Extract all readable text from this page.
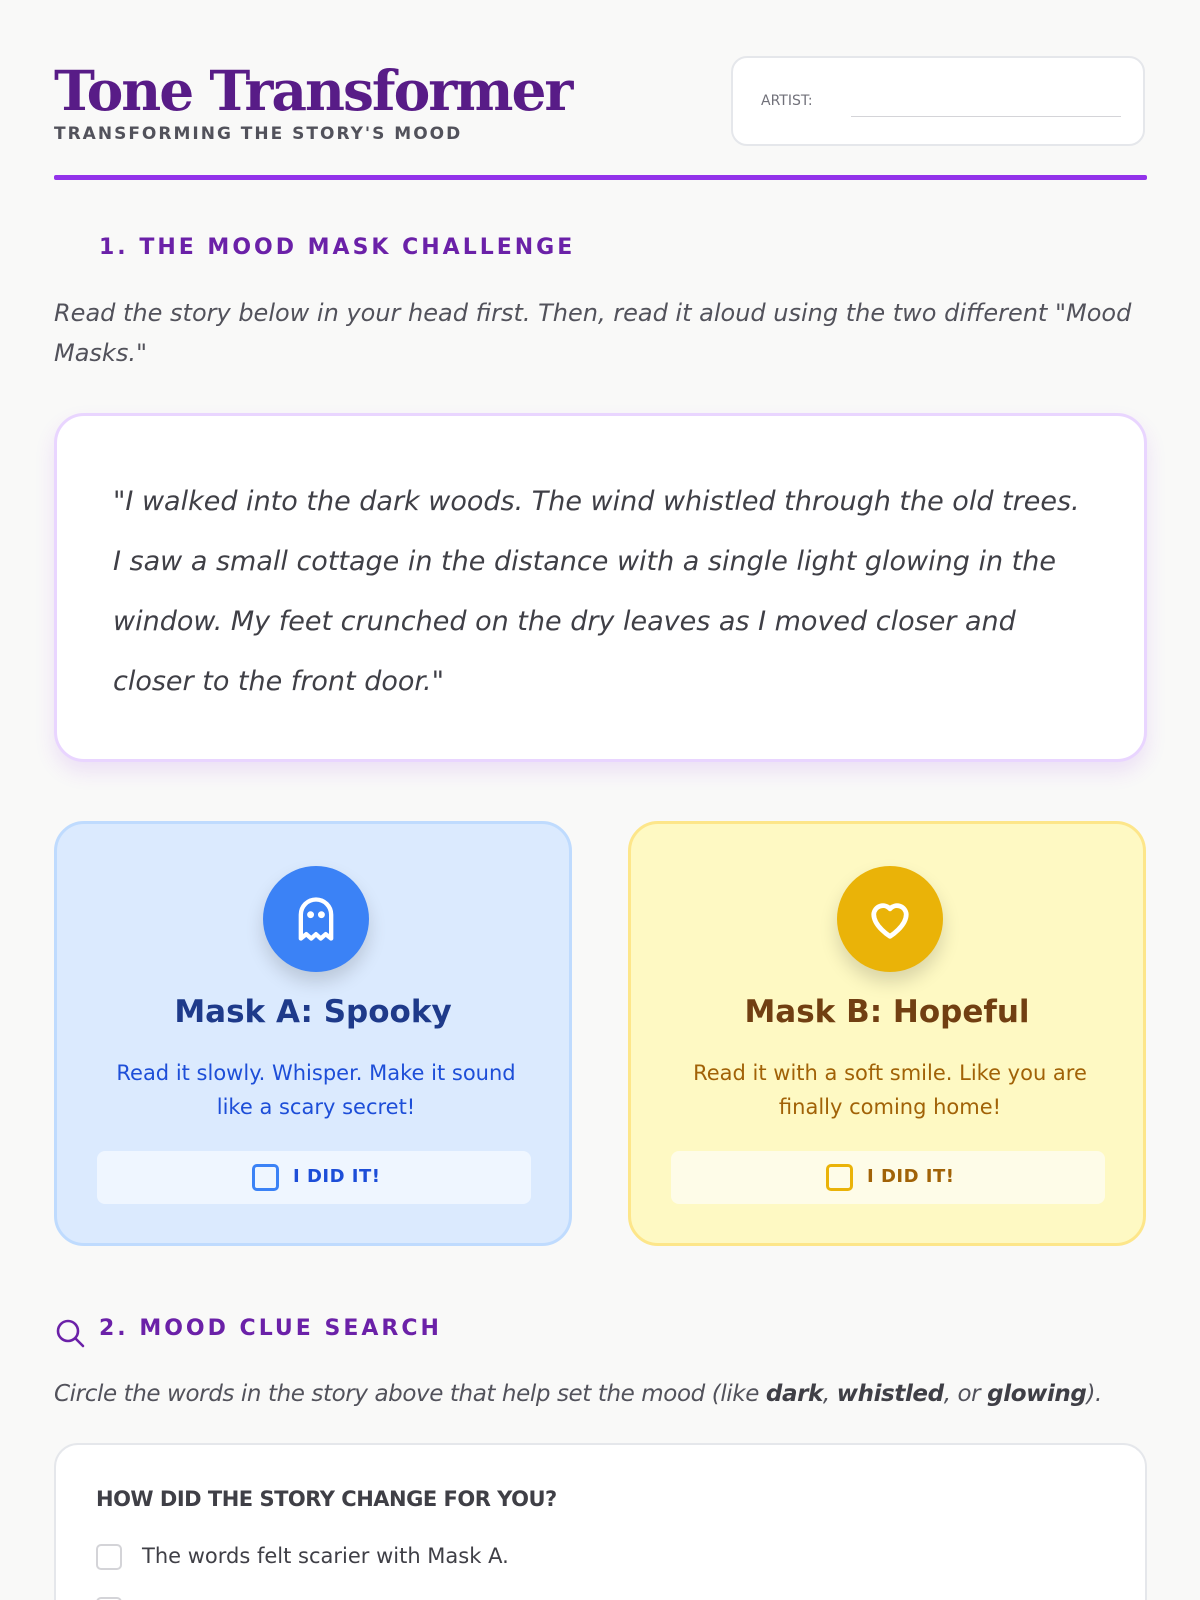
Tone Transformer
TRANSFORMING THE STORY'S MOOD
ARTIST:
1. THE MOOD MASK CHALLENGE
Read the story below in your head first. Then, read it aloud using the two different "Mood Masks."
"I walked into the dark woods. The wind whistled through the old trees. I saw a small cottage in the distance with a single light glowing in the window. My feet crunched on the dry leaves as I moved closer and closer to the front door."
Mask A: Spooky
Read it slowly. Whisper. Make it sound like a scary secret!
I DID IT!
Mask B: Hopeful
Read it with a soft smile. Like you are finally coming home!
I DID IT!
2. MOOD CLUE SEARCH
Circle the words in the story above that help set the mood (like dark, whistled, or glowing).
HOW DID THE STORY CHANGE FOR YOU?
The words felt scarier with Mask A.
